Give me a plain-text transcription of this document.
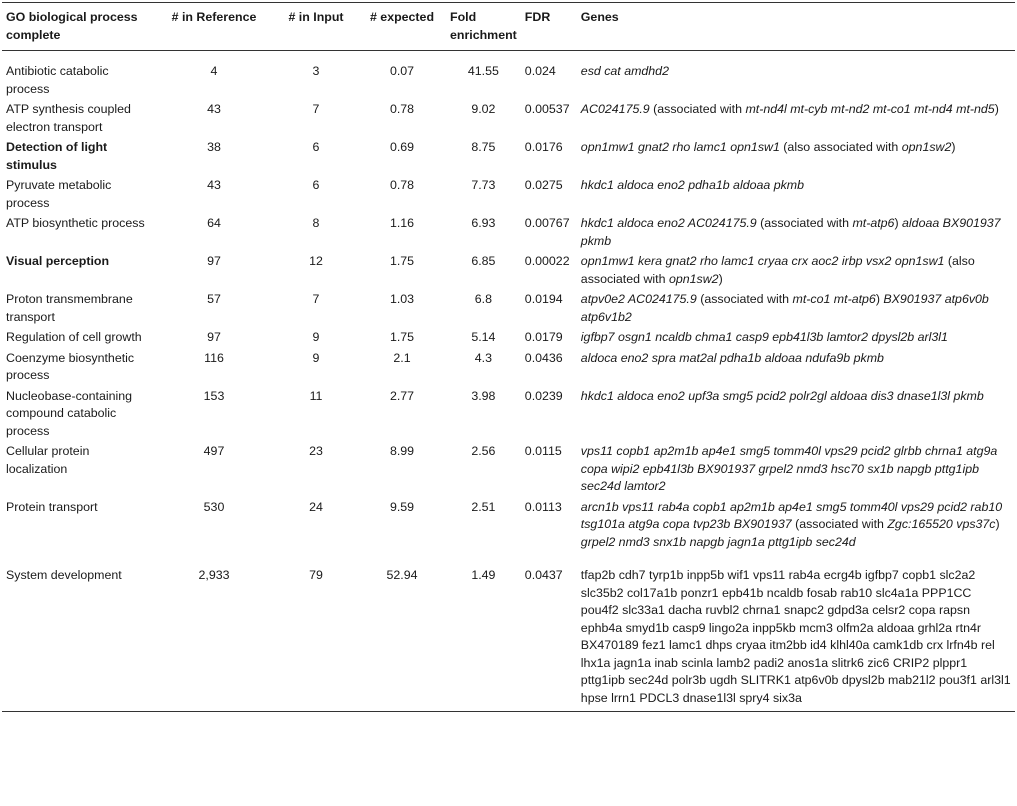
GO biological process complete	# in Reference	# in Input	# expected	Fold enrichment	FDR	Genes
Antibiotic catabolic process	4	3	0.07	41.55	0.024	esd cat amdhd2
ATP synthesis coupled electron transport	43	7	0.78	9.02	0.00537	AC024175.9 (associated with mt-nd4l mt-cyb mt-nd2 mt-co1 mt-nd4 mt-nd5)
Detection of light stimulus	38	6	0.69	8.75	0.0176	opn1mw1 gnat2 rho lamc1 opn1sw1 (also associated with opn1sw2)
Pyruvate metabolic process	43	6	0.78	7.73	0.0275	hkdc1 aldoca eno2 pdha1b aldoaa pkmb
ATP biosynthetic process	64	8	1.16	6.93	0.00767	hkdc1 aldoca eno2 AC024175.9 (associated with mt-atp6) aldoaa BX901937 pkmb
Visual perception	97	12	1.75	6.85	0.00022	opn1mw1 kera gnat2 rho lamc1 cryaa crx aoc2 irbp vsx2 opn1sw1 (also associated with opn1sw2)
Proton transmembrane transport	57	7	1.03	6.8	0.0194	atpv0e2 AC024175.9 (associated with mt-co1 mt-atp6) BX901937 atp6v0b atp6v1b2
Regulation of cell growth	97	9	1.75	5.14	0.0179	igfbp7 osgn1 ncaldb chma1 casp9 epb41l3b lamtor2 dpysl2b arl3l1
Coenzyme biosynthetic process	116	9	2.1	4.3	0.0436	aldoca eno2 spra mat2al pdha1b aldoaa ndufa9b pkmb
Nucleobase-containing compound catabolic process	153	11	2.77	3.98	0.0239	hkdc1 aldoca eno2 upf3a smg5 pcid2 polr2gl aldoaa dis3 dnase1l3l pkmb
Cellular protein localization	497	23	8.99	2.56	0.0115	vps11 copb1 ap2m1b ap4e1 smg5 tomm40l vps29 pcid2 glrbb chrna1 atg9a copa wipi2 epb41l3b BX901937 grpel2 nmd3 hsc70 sx1b napgb pttg1ipb sec24d lamtor2
Protein transport	530	24	9.59	2.51	0.0113	arcn1b vps11 rab4a copb1 ap2m1b ap4e1 smg5 tomm40l vps29 pcid2 rab10 tsg101a atg9a copa tvp23b BX901937 (associated with Zgc:165520 vps37c) grpel2 nmd3 snx1b napgb jagn1a pttg1ipb sec24d
System development	2,933	79	52.94	1.49	0.0437	tfap2b cdh7 tyrp1b inpp5b wif1 vps11 rab4a ecrg4b igfbp7 copb1 slc2a2 slc35b2 col17a1b ponzr1 epb41b ncaldb fosab rab10 slc4a1a PPP1CC pou4f2 slc33a1 dacha ruvbl2 chrna1 snapc2 gdpd3a celsr2 copa rapsn ephb4a smyd1b casp9 lingo2a inpp5kb mcm3 olfm2a aldoaa grhl2a rtn4r BX470189 fez1 lamc1 dhps cryaa itm2bb id4 klhl40a camk1db crx lrfn4b rel lhx1a jagn1a inab scinla lamb2 padi2 anos1a slitrk6 zic6 CRIP2 plppr1 pttg1ipb sec24d polr3b ugdh SLITRK1 atp6v0b dpysl2b mab21l2 pou3f1 arl3l1 hpse lrrn1 PDCL3 dnase1l3l spry4 six3a
